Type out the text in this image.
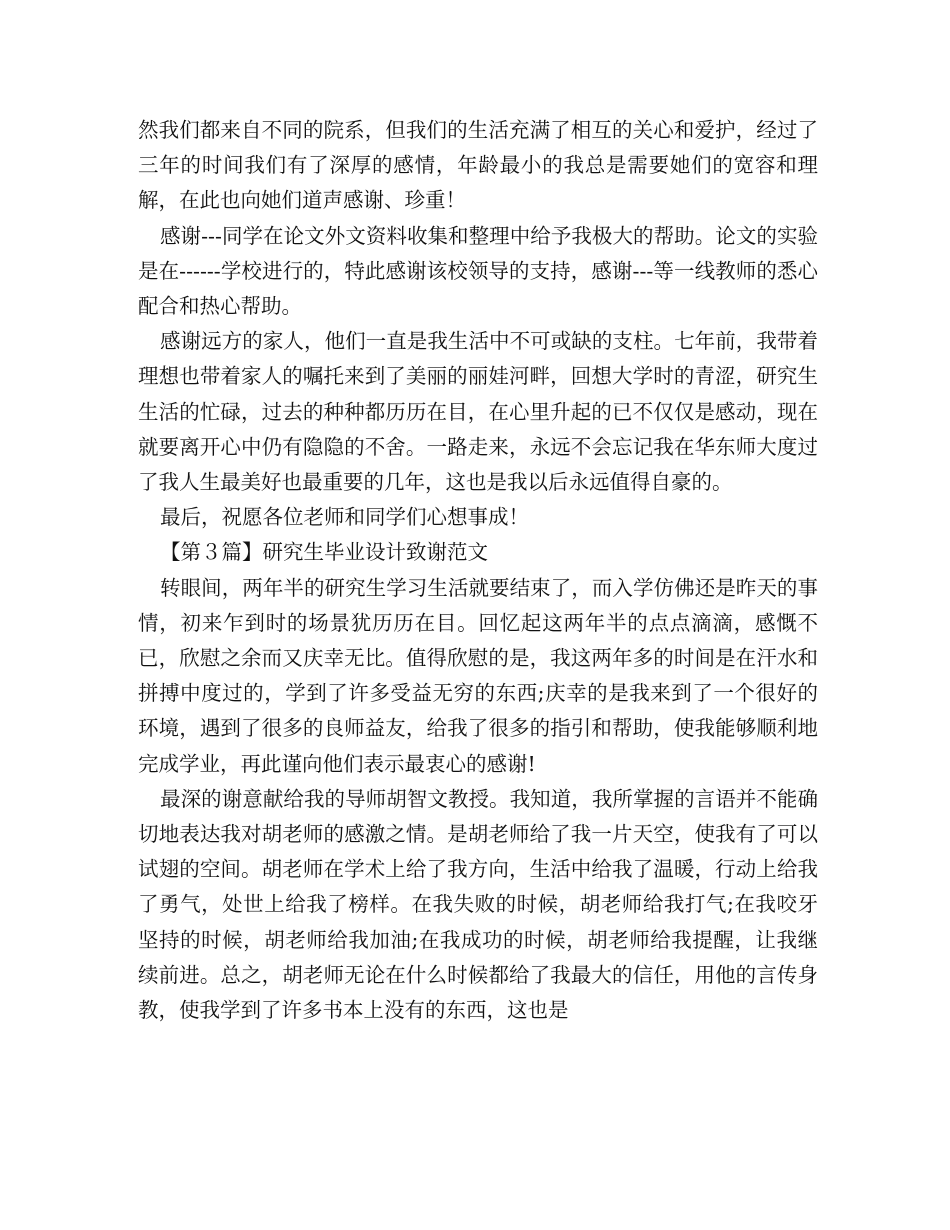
然我们都来自不同的院系，但我们的生活充满了相互的关心和爱护，经过了三年的时间我们有了深厚的感情，年龄最小的我总是需要她们的宽容和理解，在此也向她们道声感谢、珍重！

感谢---同学在论文外文资料收集和整理中给予我极大的帮助。论文的实验是在------学校进行的，特此感谢该校领导的支持，感谢---等一线教师的悉心配合和热心帮助。

感谢远方的家人，他们一直是我生活中不可或缺的支柱。七年前，我带着理想也带着家人的嘱托来到了美丽的丽娃河畔，回想大学时的青涩，研究生生活的忙碌，过去的种种都历历在目，在心里升起的已不仅仅是感动，现在就要离开心中仍有隐隐的不舍。一路走来，永远不会忘记我在华东师大度过了我人生最美好也最重要的几年，这也是我以后永远值得自豪的。

最后，祝愿各位老师和同学们心想事成！

【第３篇】研究生毕业设计致谢范文

转眼间，两年半的研究生学习生活就要结束了，而入学仿佛还是昨天的事情，初来乍到时的场景犹历历在目。回忆起这两年半的点点滴滴，感慨不已，欣慰之余而又庆幸无比。值得欣慰的是，我这两年多的时间是在汗水和拼搏中度过的，学到了许多受益无穷的东西;庆幸的是我来到了一个很好的环境，遇到了很多的良师益友，给我了很多的指引和帮助，使我能够顺利地完成学业，再此谨向他们表示最衷心的感谢!

最深的谢意献给我的导师胡智文教授。我知道，我所掌握的言语并不能确切地表达我对胡老师的感激之情。是胡老师给了我一片天空，使我有了可以试翅的空间。胡老师在学术上给了我方向，生活中给我了温暖，行动上给我了勇气，处世上给我了榜样。在我失败的时候，胡老师给我打气;在我咬牙坚持的时候，胡老师给我加油;在我成功的时候，胡老师给我提醒，让我继续前进。总之，胡老师无论在什么时候都给了我最大的信任，用他的言传身教，使我学到了许多书本上没有的东西，这也是
